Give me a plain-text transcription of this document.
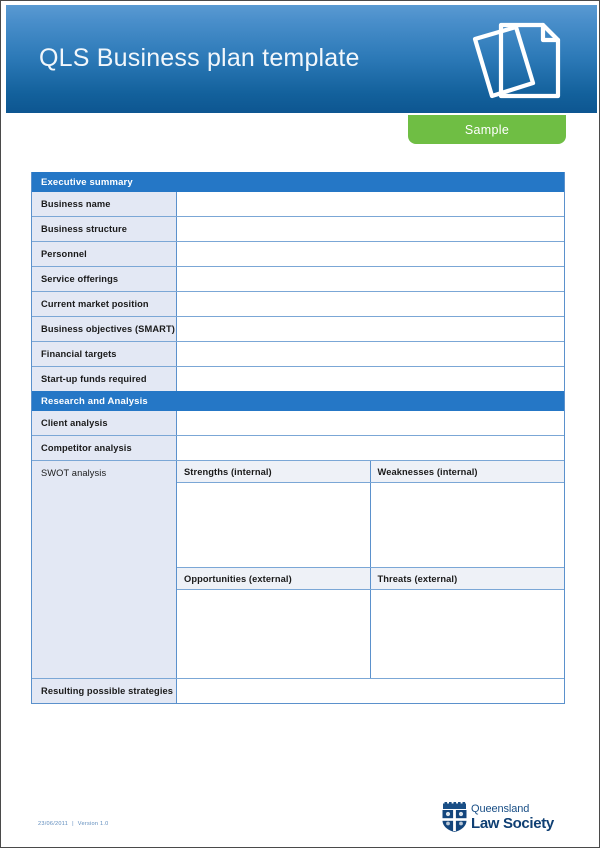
QLS Business plan template
Sample
Executive summary
Business name
Business structure
Personnel
Service offerings
Current market position
Business objectives (SMART)
Financial targets
Start-up funds required
Research and Analysis
Client analysis
Competitor analysis
SWOT analysis	Strengths (internal)	Weaknesses (internal)
Opportunities (external)	Threats (external)
Resulting possible strategies
23/06/2011 | Version 1.0
Queensland
Law Society
